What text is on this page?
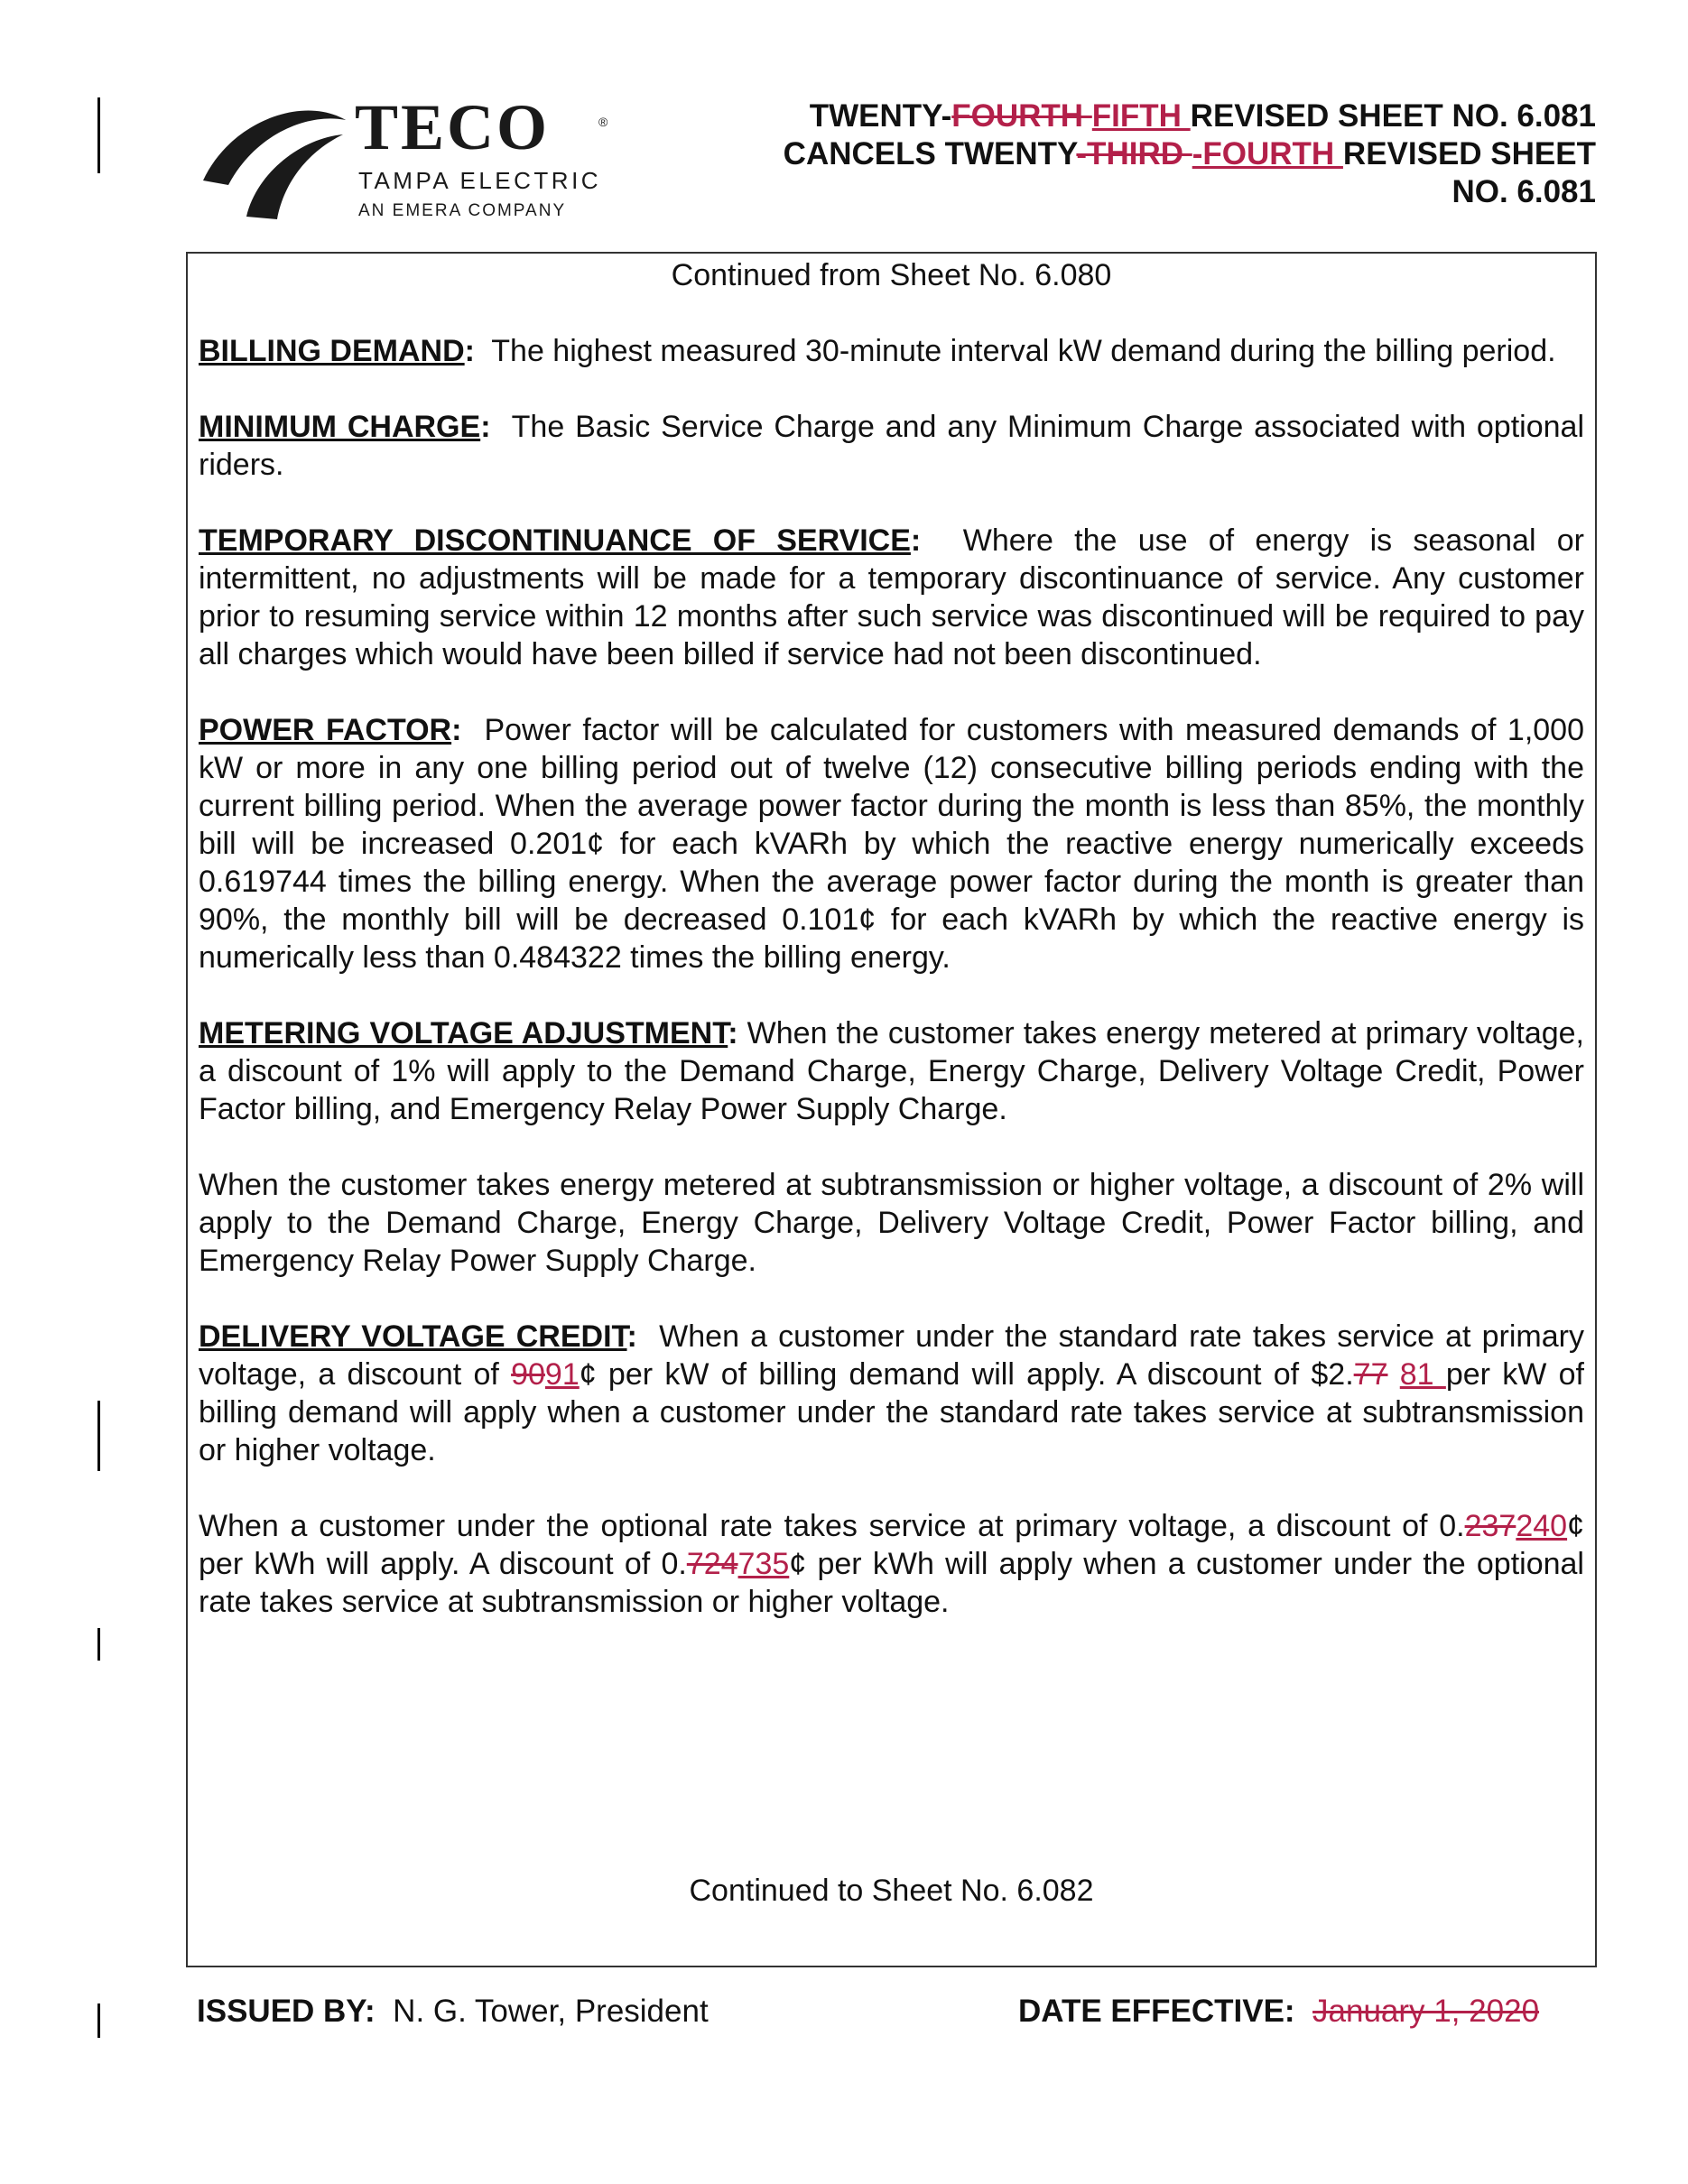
TECO	®
TAMPA ELECTRIC
AN EMERA COMPANY
TWENTY-FOURTH FIFTH REVISED SHEET NO. 6.081
CANCELS TWENTY-THIRD -FOURTH REVISED SHEET
NO. 6.081
Continued from Sheet No. 6.080

BILLING DEMAND: The highest measured 30-minute interval kW demand during the billing period.

MINIMUM CHARGE: The Basic Service Charge and any Minimum Charge associated with optional riders.

TEMPORARY DISCONTINUANCE OF SERVICE: Where the use of energy is seasonal or intermittent, no adjustments will be made for a temporary discontinuance of service. Any customer prior to resuming service within 12 months after such service was discontinued will be required to pay all charges which would have been billed if service had not been discontinued.

POWER FACTOR: Power factor will be calculated for customers with measured demands of 1,000 kW or more in any one billing period out of twelve (12) consecutive billing periods ending with the current billing period. When the average power factor during the month is less than 85%, the monthly bill will be increased 0.201¢ for each kVARh by which the reactive energy numerically exceeds 0.619744 times the billing energy. When the average power factor during the month is greater than 90%, the monthly bill will be decreased 0.101¢ for each kVARh by which the reactive energy is numerically less than 0.484322 times the billing energy.

METERING VOLTAGE ADJUSTMENT: When the customer takes energy metered at primary voltage, a discount of 1% will apply to the Demand Charge, Energy Charge, Delivery Voltage Credit, Power Factor billing, and Emergency Relay Power Supply Charge.

When the customer takes energy metered at subtransmission or higher voltage, a discount of 2% will apply to the Demand Charge, Energy Charge, Delivery Voltage Credit, Power Factor billing, and Emergency Relay Power Supply Charge.

DELIVERY VOLTAGE CREDIT: When a customer under the standard rate takes service at primary voltage, a discount of 9091¢ per kW of billing demand will apply. A discount of $2.77 81 per kW of billing demand will apply when a customer under the standard rate takes service at subtransmission or higher voltage.

When a customer under the optional rate takes service at primary voltage, a discount of 0.237240¢ per kWh will apply. A discount of 0.724735¢ per kWh will apply when a customer under the optional rate takes service at subtransmission or higher voltage.

Continued to Sheet No. 6.082
ISSUED BY: N. G. Tower, President	DATE EFFECTIVE: January 1, 2020
